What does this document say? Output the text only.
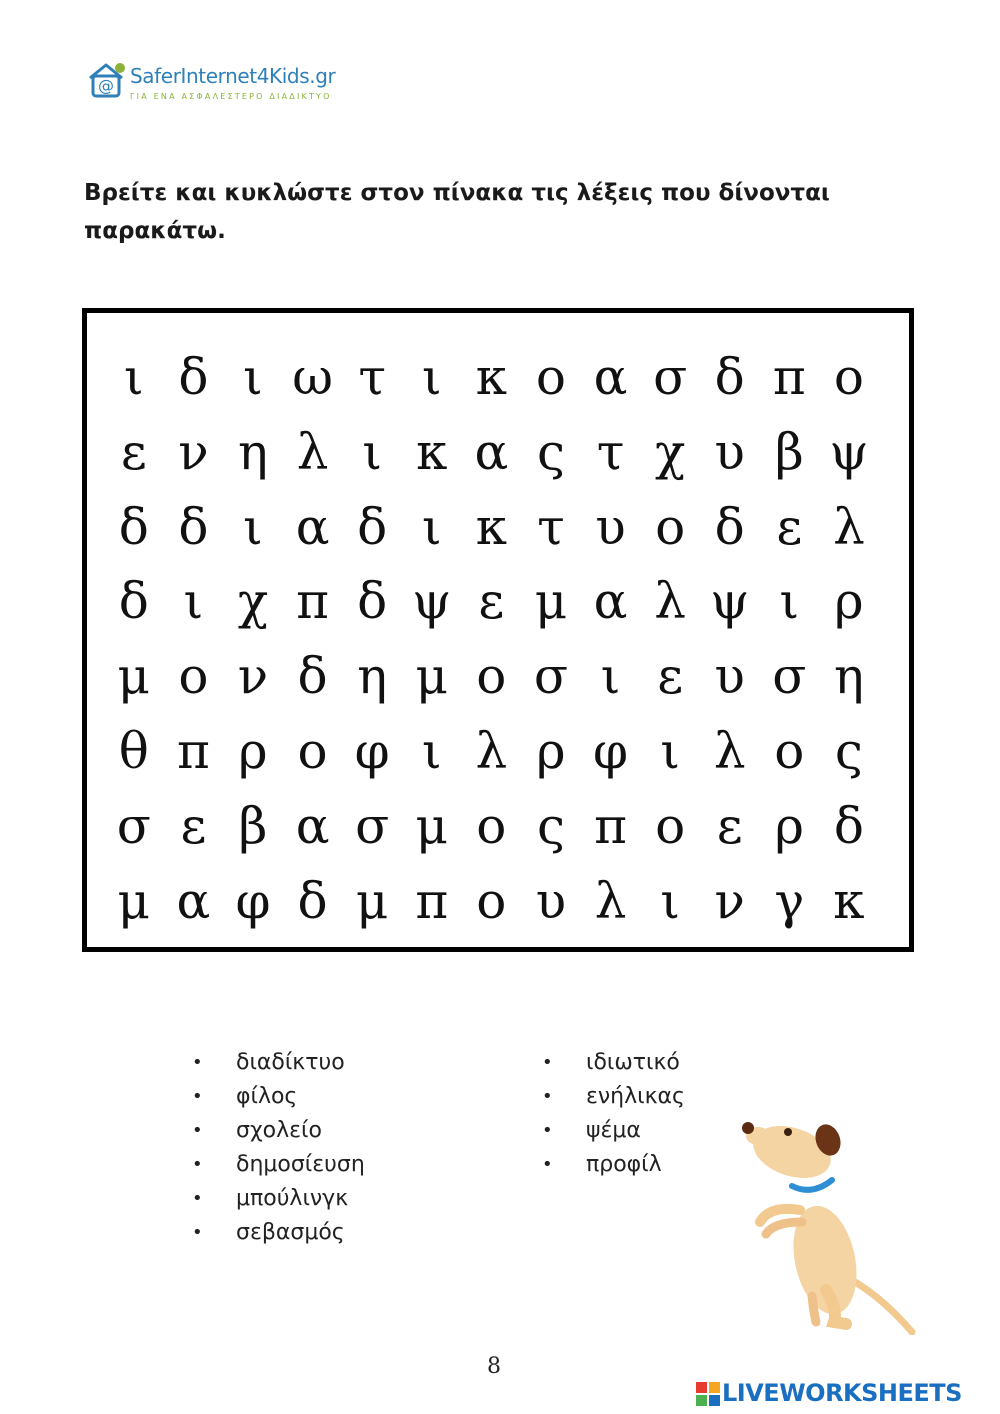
@ SaferInternet4Kids.gr
ΓΙΑ ΕΝΑ ΑΣΦΑΛΕΣΤΕΡΟ ΔΙΑΔΙΚΤΥΟ

Βρείτε και κυκλώστε στον πίνακα τις λέξεις που δίνονται παρακάτω.

ι δ ι ω τ ι κ ο α σ δ π ο
ε ν η λ ι κ α ς τ χ υ β ψ
δ δ ι α δ ι κ τ υ ο δ ε λ
δ ι χ π δ ψ ε μ α λ ψ ι ρ
μ ο ν δ η μ ο σ ι ε υ σ η
θ π ρ ο φ ι λ ρ φ ι λ ο ς
σ ε β α σ μ ο ς π ο ε ρ δ
μ α φ δ μ π ο υ λ ι ν γ κ
• διαδίκτυο
• φίλος
• σχολείο
• δημοσίευση
• μπούλινγκ
• σεβασμός
• ιδιωτικό
• ενήλικας
• ψέμα
• προφίλ
8
LIVEWORKSHEETS
